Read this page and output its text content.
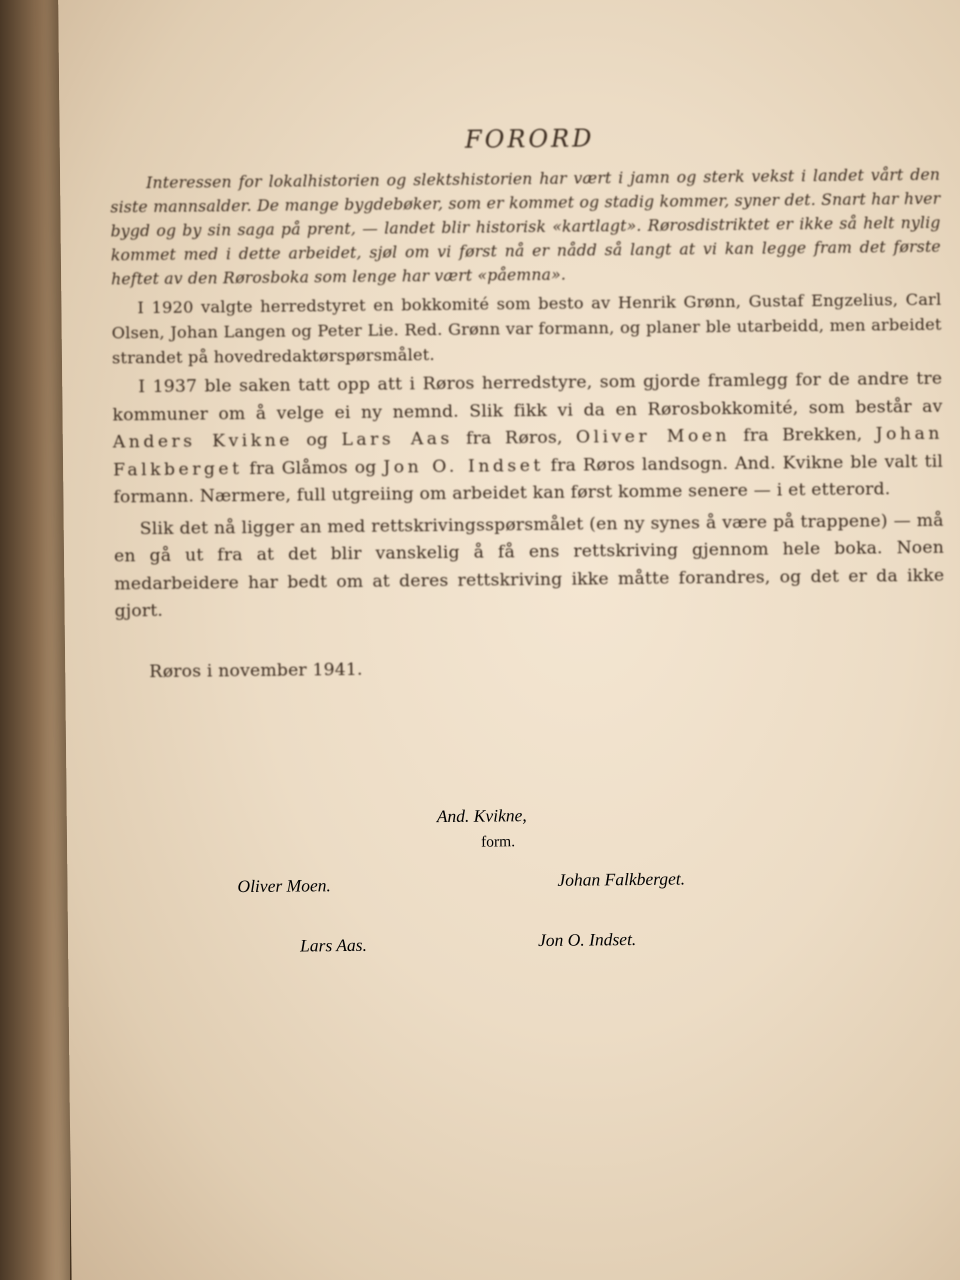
FORORD

Interessen for lokalhistorien og slektshistorien har vært i jamn og sterk vekst i landet vårt den siste mannsalder. De mange bygdebøker, som er kommet og stadig kommer, syner det. Snart har hver bygd og by sin saga på prent, — landet blir historisk «kartlagt». Rørosdistriktet er ikke så helt nylig kommet med i dette arbeidet, sjøl om vi først nå er nådd så langt at vi kan legge fram det første heftet av den Rørosboka som lenge har vært «påemna».

I 1920 valgte herredstyret en bokkomité som besto av Henrik Grønn, Gustaf Engzelius, Carl Olsen, Johan Langen og Peter Lie. Red. Grønn var formann, og planer ble utarbeidd, men arbeidet strandet på hovedredaktørspørsmålet.

I 1937 ble saken tatt opp att i Røros herredstyre, som gjorde framlegg for de andre tre kommuner om å velge ei ny nemnd. Slik fikk vi da en Rørosbokkomité, som består av Anders Kvikne og Lars Aas fra Røros, Oliver Moen fra Brekken, Johan Falkberget fra Glåmos og Jon O. Indset fra Røros landsogn. And. Kvikne ble valt til formann. Nærmere, full utgreiing om arbeidet kan først komme senere — i et etterord.

Slik det nå ligger an med rettskrivingsspørsmålet (en ny synes å være på trappene) — må en gå ut fra at det blir vanskelig å få ens rettskriving gjennom hele boka. Noen medarbeidere har bedt om at deres rettskriving ikke måtte forandres, og det er da ikke gjort.

Røros i november 1941.
And. Kvikne,
form.
Oliver Moen.	Johan Falkberget.
Lars Aas.	Jon O. Indset.
